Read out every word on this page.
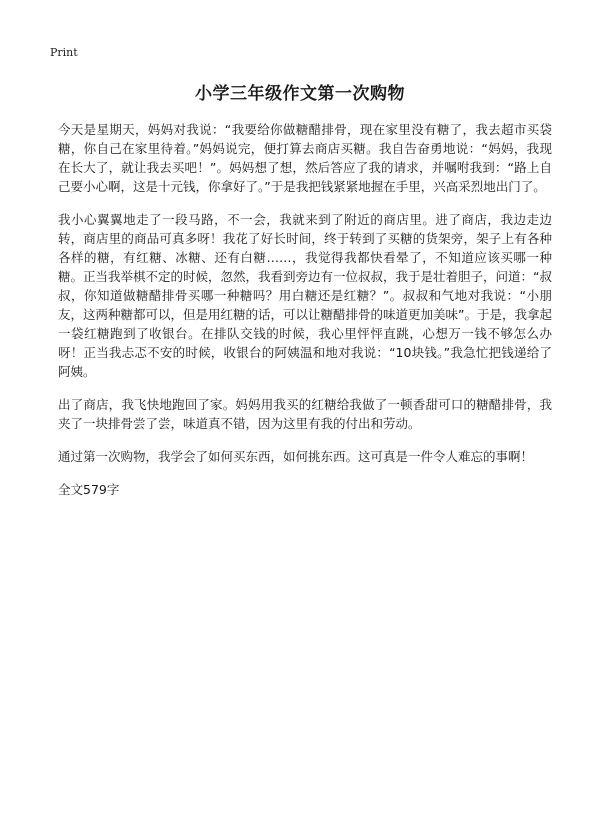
Print
小学三年级作文第一次购物

今天是星期天，妈妈对我说：“我要给你做糖醋排骨，现在家里没有糖了，我去超市买袋糖，你自己在家里待着。”妈妈说完，便打算去商店买糖。我自告奋勇地说：“妈妈，我现在长大了，就让我去买吧！”。妈妈想了想，然后答应了我的请求，并嘱咐我到：“路上自己要小心啊，这是十元钱，你拿好了。”于是我把钱紧紧地握在手里，兴高采烈地出门了。

我小心翼翼地走了一段马路，不一会，我就来到了附近的商店里。进了商店，我边走边转，商店里的商品可真多呀！我花了好长时间，终于转到了买糖的货架旁，架子上有各种各样的糖，有红糖、冰糖、还有白糖……，我觉得我都快看晕了，不知道应该买哪一种糖。正当我举棋不定的时候，忽然，我看到旁边有一位叔叔，我于是壮着胆子，问道：“叔叔，你知道做糖醋排骨买哪一种糖吗？用白糖还是红糖？”。叔叔和气地对我说：“小朋友，这两种糖都可以，但是用红糖的话，可以让糖醋排骨的味道更加美味”。于是，我拿起一袋红糖跑到了收银台。在排队交钱的时候，我心里怦怦直跳，心想万一钱不够怎么办呀！正当我忐忑不安的时候，收银台的阿姨温和地对我说：“10块钱。”我急忙把钱递给了阿姨。

出了商店，我飞快地跑回了家。妈妈用我买的红糖给我做了一顿香甜可口的糖醋排骨，我夹了一块排骨尝了尝，味道真不错，因为这里有我的付出和劳动。

通过第一次购物，我学会了如何买东西，如何挑东西。这可真是一件令人难忘的事啊！

全文579字
